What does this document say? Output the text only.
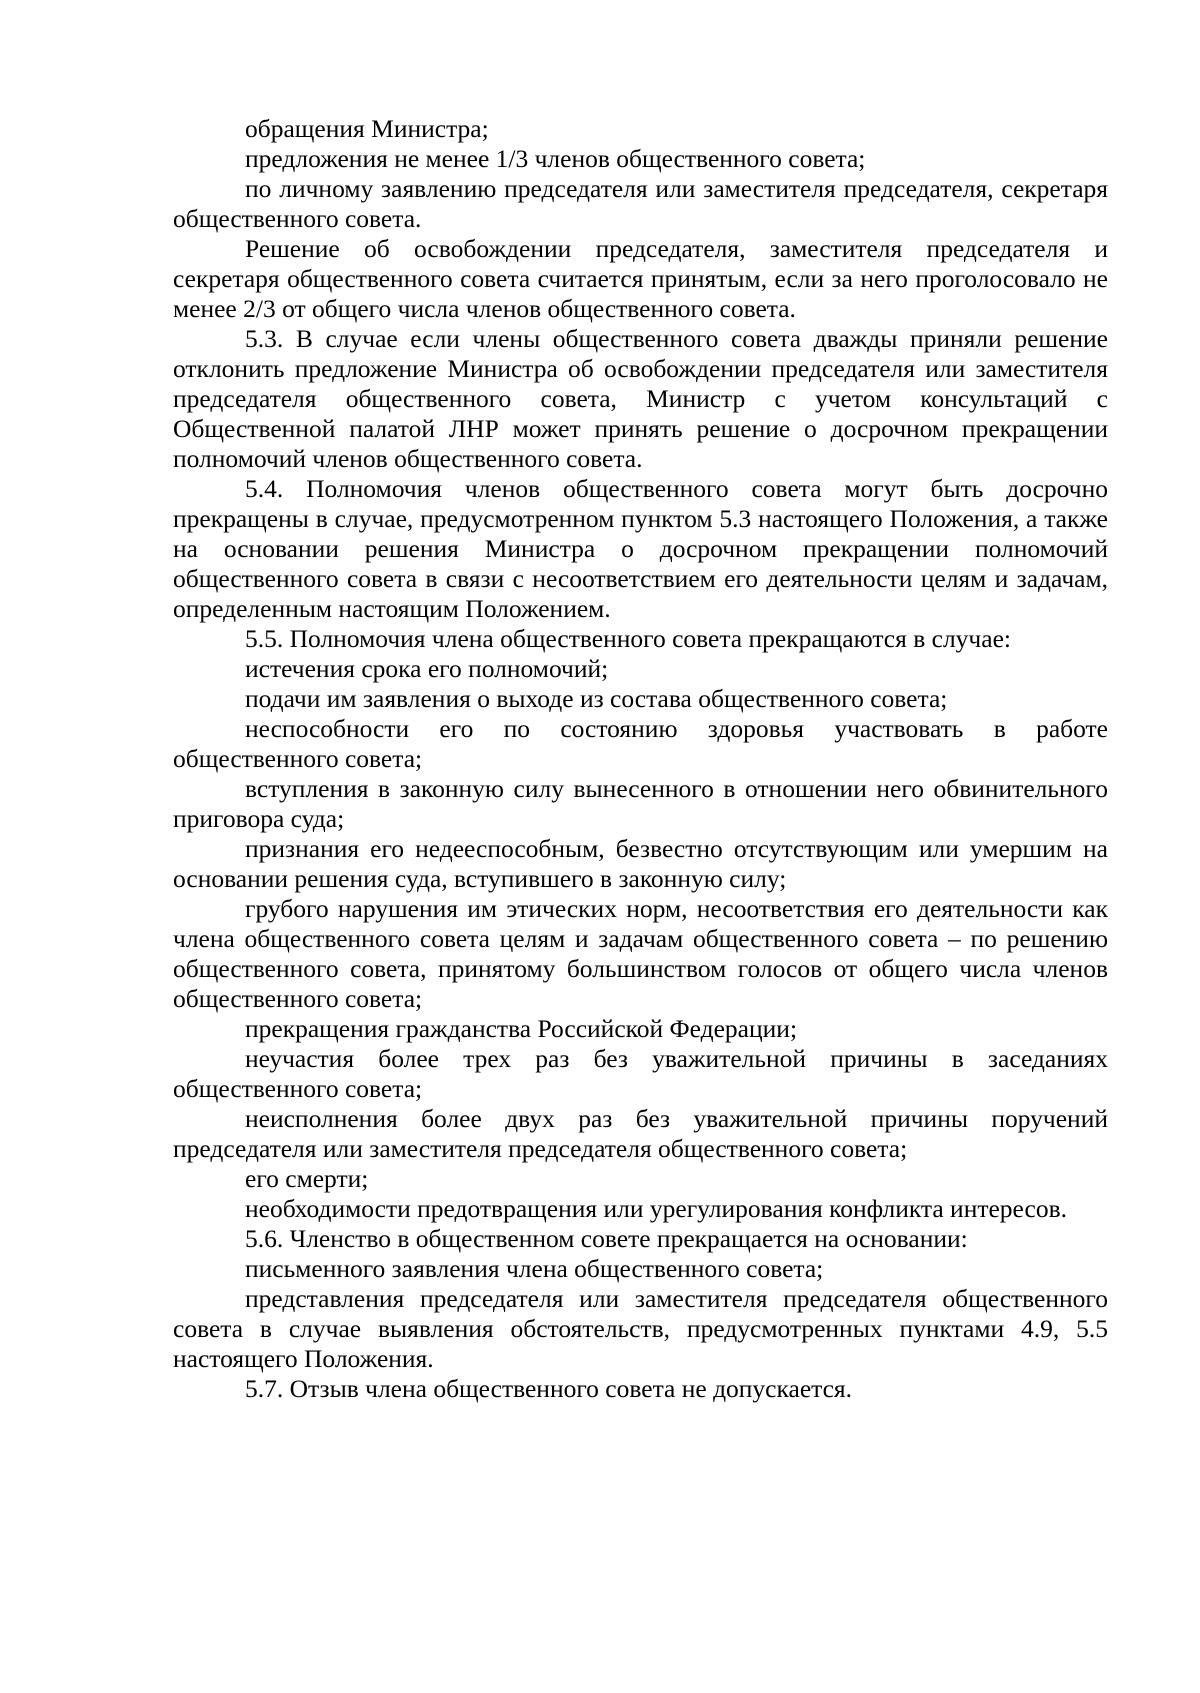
обращения Министра;

предложения не менее 1/3 членов общественного совета;

по личному заявлению председателя или заместителя председателя, секретаря общественного совета.

Решение об освобождении председателя, заместителя председателя и секретаря общественного совета считается принятым, если за него проголосовало не менее 2/3 от общего числа членов общественного совета.

5.3. В случае если члены общественного совета дважды приняли решение отклонить предложение Министра об освобождении председателя или заместителя председателя общественного совета, Министр с учетом консультаций с Общественной палатой ЛНР может принять решение о досрочном прекращении полномочий членов общественного совета.

5.4. Полномочия членов общественного совета могут быть досрочно прекращены в случае, предусмотренном пунктом 5.3 настоящего Положения, а также на основании решения Министра о досрочном прекращении полномочий общественного совета в связи с несоответствием его деятельности целям и задачам, определенным настоящим Положением.

5.5. Полномочия члена общественного совета прекращаются в случае:

истечения срока его полномочий;

подачи им заявления о выходе из состава общественного совета;

неспособности его по состоянию здоровья участвовать в работе общественного совета;

вступления в законную силу вынесенного в отношении него обвинительного приговора суда;

признания его недееспособным, безвестно отсутствующим или умершим на основании решения суда, вступившего в законную силу;

грубого нарушения им этических норм, несоответствия его деятельности как члена общественного совета целям и задачам общественного совета – по решению общественного совета, принятому большинством голосов от общего числа членов общественного совета;

прекращения гражданства Российской Федерации;

неучастия более трех раз без уважительной причины в заседаниях общественного совета;

неисполнения более двух раз без уважительной причины поручений председателя или заместителя председателя общественного совета;

его смерти;

необходимости предотвращения или урегулирования конфликта интересов.

5.6. Членство в общественном совете прекращается на основании:

письменного заявления члена общественного совета;

представления председателя или заместителя председателя общественного совета в случае выявления обстоятельств, предусмотренных пунктами 4.9, 5.5 настоящего Положения.

5.7. Отзыв члена общественного совета не допускается.
